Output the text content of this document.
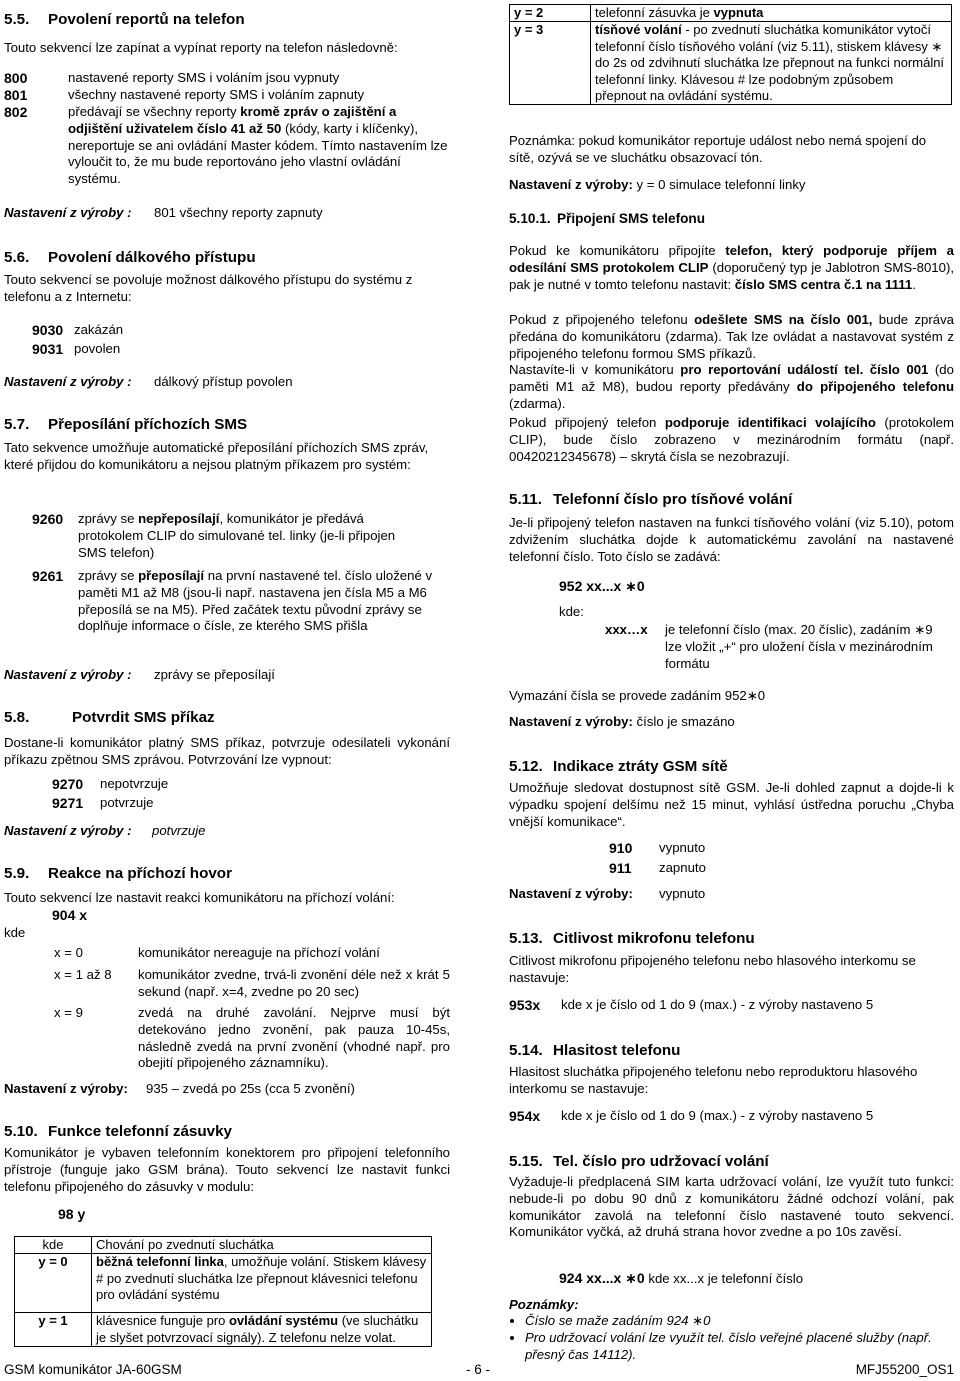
5.5. Povolení reportů na telefon

Touto sekvencí lze zapínat a vypínat reporty na telefon následovně:

800	nastavené reporty SMS i voláním jsou vypnuty
801	všechny nastavené reporty SMS i voláním zapnuty
802	předávají se všechny reporty kromě zpráv o zajištění a odjištění uživatelem číslo 41 až 50 (kódy, karty i klíčenky), nereportuje se ani ovládání Master kódem. Tímto nastavením lze vyloučit to, že mu bude reportováno jeho vlastní ovládání systému.
Nastavení z výroby : 801 všechny reporty zapnuty
5.6. Povolení dálkového přístupu

Touto sekvencí se povoluje možnost dálkového přístupu do systému z telefonu a z Internetu:

9030 zakázán
9031 povolen
Nastavení z výroby : dálkový přístup povolen
5.7. Přeposílání příchozích SMS

Tato sekvence umožňuje automatické přeposílání příchozích SMS zpráv, které přijdou do komunikátoru a nejsou platným příkazem pro systém:

9260 zprávy se nepřeposílají, komunikátor je předává protokolem CLIP do simulované tel. linky (je-li připojen SMS telefon)
9261 zprávy se přeposílají na první nastavené tel. číslo uložené v paměti M1 až M8 (jsou-li např. nastavena jen čísla M5 a M6 přeposílá se na M5). Před začátek textu původní zprávy se doplňuje informace o čísle, ze kterého SMS přišla
Nastavení z výroby : zprávy se přeposílají
5.8.	Potvrdit SMS příkaz

Dostane-li komunikátor platný SMS příkaz, potvrzuje odesilateli vykonání příkazu zpětnou SMS zprávou. Potvrzování lze vypnout:

9270 nepotvrzuje
9271 potvrzuje
Nastavení z výroby : potvrzuje
5.9. Reakce na příchozí hovor

Touto sekvencí lze nastavit reakci komunikátoru na příchozí volání:

904 x
kde
x = 0	komunikátor nereaguje na příchozí volání
x = 1 až 8 komunikátor zvedne, trvá-li zvonění déle než x krát 5 sekund (např. x=4, zvedne po 20 sec)
x = 9	zvedá na druhé zavolání. Nejprve musí být detekováno jedno zvonění, pak pauza 10-45s, následně zvedá na první zvonění (vhodné např. pro obejití připojeného záznamníku).
Nastavení z výroby: 935 – zvedá po 25s (cca 5 zvonění)
5.10. Funkce telefonní zásuvky

Komunikátor je vybaven telefonním konektorem pro připojení telefonního přístroje (funguje jako GSM brána). Touto sekvencí lze nastavit funkci telefonu připojeného do zásuvky v modulu:

98 y
kde	Chování po zvednutí sluchátka
y = 0	běžná telefonní linka, umožňuje volání. Stiskem klávesy # po zvednutí sluchátka lze přepnout klávesnici telefonu pro ovládání systému
y = 1	klávesnice funguje pro ovládání systému (ve sluchátku je slyšet potvrzovací signály). Z telefonu nelze volat.
y = 2	telefonní zásuvka je vypnuta
y = 3	tísňové volání - po zvednutí sluchátka komunikátor vytočí telefonní číslo tísňového volání (viz 5.11), stiskem klávesy ∗ do 2s od zdvihnutí sluchátka lze přepnout na funkci normální telefonní linky. Klávesou # lze podobným způsobem přepnout na ovládání systému.

Poznámka: pokud komunikátor reportuje událost nebo nemá spojení do sítě, ozývá se ve sluchátku obsazovací tón.

Nastavení z výroby: y = 0 simulace telefonní linky
5.10.1. Připojení SMS telefonu

Pokud ke komunikátoru připojíte telefon, který podporuje příjem a odesílání SMS protokolem CLIP (doporučený typ je Jablotron SMS-8010), pak je nutné v tomto telefonu nastavit: číslo SMS centra č.1 na 1111.

Pokud z připojeného telefonu odešlete SMS na číslo 001, bude zpráva předána do komunikátoru (zdarma). Tak lze ovládat a nastavovat systém z připojeného telefonu formou SMS příkazů.

Nastavíte-li v komunikátoru pro reportování událostí tel. číslo 001 (do paměti M1 až M8), budou reporty předávány do připojeného telefonu (zdarma).

Pokud připojený telefon podporuje identifikaci volajícího (protokolem CLIP), bude číslo zobrazeno v mezinárodním formátu (např. 00420212345678) – skrytá čísla se nezobrazují.

5.11. Telefonní číslo pro tísňové volání

Je-li připojený telefon nastaven na funkci tísňového volání (viz 5.10), potom zdvižením sluchátka dojde k automatickému zavolání na nastavené telefonní číslo. Toto číslo se zadává:

952 xx...x ∗0
kde:
xxx…x je telefonní číslo (max. 20 číslic), zadáním ∗9 lze vložit „+“ pro uložení čísla v mezinárodním formátu

Vymazání čísla se provede zadáním 952∗0

Nastavení z výroby: číslo je smazáno
5.12. Indikace ztráty GSM sítě

Umožňuje sledovat dostupnost sítě GSM. Je-li dohled zapnut a dojde-li k výpadku spojení delšímu než 15 minut, vyhlásí ústředna poruchu „Chyba vnější komunikace“.

910 vypnuto
911 zapnuto
Nastavení z výroby: vypnuto
5.13. Citlivost mikrofonu telefonu

Citlivost mikrofonu připojeného telefonu nebo hlasového interkomu se nastavuje:

953x kde x je číslo od 1 do 9 (max.) - z výroby nastaveno 5
5.14. Hlasitost telefonu

Hlasitost sluchátka připojeného telefonu nebo reproduktoru hlasového interkomu se nastavuje:

954x kde x je číslo od 1 do 9 (max.) - z výroby nastaveno 5
5.15. Tel. číslo pro udržovací volání

Vyžaduje-li předplacená SIM karta udržovací volání, lze využít tuto funkci: nebude-li po dobu 90 dnů z komunikátoru žádné odchozí volání, pak komunikátor zavolá na telefonní číslo nastavené touto sekvencí. Komunikátor vyčká, až druhá strana hovor zvedne a po 10s zavěsí.

924 xx...x ∗0 kde xx...x je telefonní číslo
Poznámky:
• Číslo se maže zadáním 924 ∗0
• Pro udržovací volání lze využít tel. číslo veřejné placené služby (např. přesný čas 14112).
GSM komunikátor JA-60GSM	- 6 -	MFJ55200_OS1
